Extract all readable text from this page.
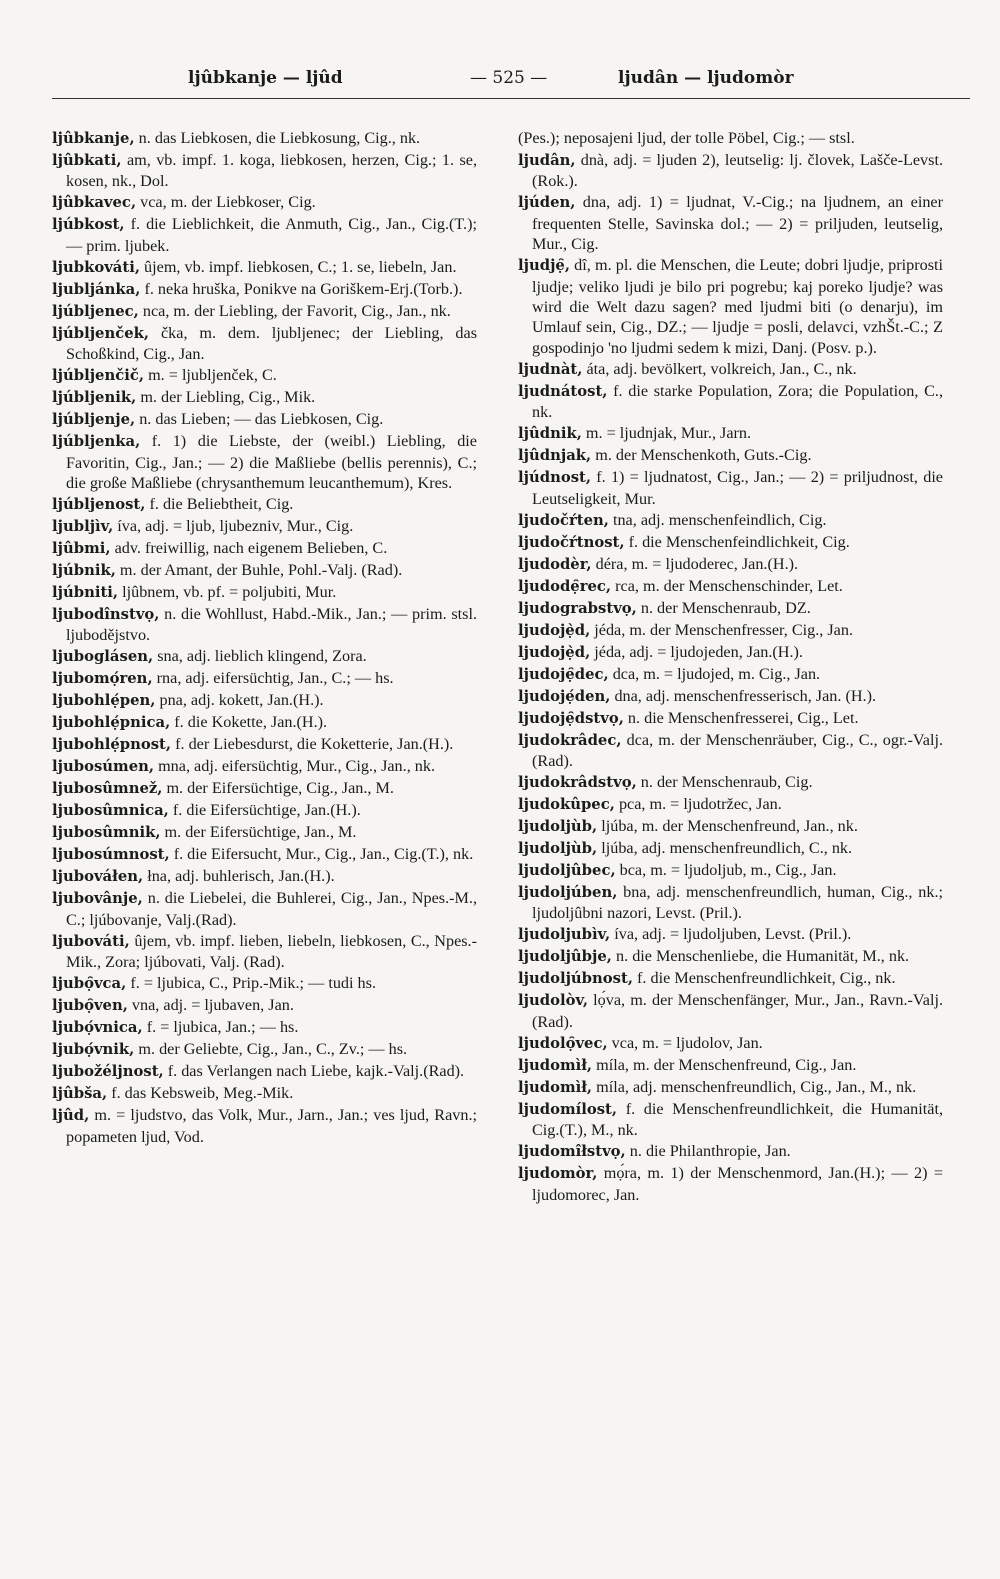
ljûbkanje — ljûd	— 525 —	ljudân — ljudomòr
ljûbkanje, n. das Liebkosen, die Liebkosung, Cig., nk.
ljûbkati, am, vb. impf. 1. koga, liebkosen, herzen, Cig.; 1. se, kosen, nk., Dol.
ljûbkavec, vca, m. der Liebkoser, Cig.
ljúbkost, f. die Lieblichkeit, die Anmuth, Cig., Jan., Cig.(T.); — prim. ljubek.
ljubkováti, ûjem, vb. impf. liebkosen, C.; 1. se, liebeln, Jan.
ljubljánka, f. neka hruška, Ponikve na Goriškem-Erj.(Torb.).
ljúbljenec, nca, m. der Liebling, der Favorit, Cig., Jan., nk.
ljúbljenček, čka, m. dem. ljubljenec; der Liebling, das Schoßkind, Cig., Jan.
ljúbljenčič, m. = ljubljenček, C.
ljúbljenik, m. der Liebling, Cig., Mik.
ljúbljenje, n. das Lieben; — das Liebkosen, Cig.
ljúbljenka, f. 1) die Liebste, der (weibl.) Liebling, die Favoritin, Cig., Jan.; — 2) die Maßliebe (bellis perennis), C.; die große Maßliebe (chrysanthemum leucanthemum), Kres.
ljúbljenost, f. die Beliebtheit, Cig.
ljubljìv, íva, adj. = ljub, ljubezniv, Mur., Cig.
ljûbmi, adv. freiwillig, nach eigenem Belieben, C.
ljúbnik, m. der Amant, der Buhle, Pohl.-Valj. (Rad).
ljúbniti, ljûbnem, vb. pf. = poljubiti, Mur.
ljubodînstvọ, n. die Wohllust, Habd.-Mik., Jan.; — prim. stsl. ljubodějstvo.
ljuboglásen, sna, adj. lieblich klingend, Zora.
ljubomọ́ren, rna, adj. eifersüchtig, Jan., C.; — hs.
ljubohlẹ́pen, pna, adj. kokett, Jan.(H.).
ljubohlẹ́pnica, f. die Kokette, Jan.(H.).
ljubohlẹ́pnost, f. der Liebesdurst, die Koketterie, Jan.(H.).
ljubosúmen, mna, adj. eifersüchtig, Mur., Cig., Jan., nk.
ljubosûmnež, m. der Eifersüchtige, Cig., Jan., M.
ljubosûmnica, f. die Eifersüchtige, Jan.(H.).
ljubosûmnik, m. der Eifersüchtige, Jan., M.
ljubosúmnost, f. die Eifersucht, Mur., Cig., Jan., Cig.(T.), nk.
ljubováłen, łna, adj. buhlerisch, Jan.(H.).
ljubovânje, n. die Liebelei, die Buhlerei, Cig., Jan., Npes.-M., C.; ljúbovanje, Valj.(Rad).
ljubováti, ûjem, vb. impf. lieben, liebeln, liebkosen, C., Npes.-Mik., Zora; ljúbovati, Valj. (Rad).
ljubọ̑vca, f. = ljubica, C., Prip.-Mik.; — tudi hs.
ljubọ̑ven, vna, adj. = ljubaven, Jan.
ljubọ́vnica, f. = ljubica, Jan.; — hs.
ljubọ́vnik, m. der Geliebte, Cig., Jan., C., Zv.; — hs.
ljubožéljnost, f. das Verlangen nach Liebe, kajk.-Valj.(Rad).
ljûbša, f. das Kebsweib, Meg.-Mik.
ljûd, m. = ljudstvo, das Volk, Mur., Jarn., Jan.; ves ljud, Ravn.; popameten ljud, Vod.
(Pes.); neposajeni ljud, der tolle Pöbel, Cig.; — stsl.
ljudân, dnà, adj. = ljuden 2), leutselig: lj. človek, Lašče-Levst.(Rok.).
ljúden, dna, adj. 1) = ljudnat, V.-Cig.; na ljudnem, an einer frequenten Stelle, Savinska dol.; — 2) = priljuden, leutselig, Mur., Cig.
ljudjẹ̑, dî, m. pl. die Menschen, die Leute; dobri ljudje, priprosti ljudje; veliko ljudi je bilo pri pogrebu; kaj poreko ljudje? was wird die Welt dazu sagen? med ljudmi biti (o denarju), im Umlauf sein, Cig., DZ.; — ljudje = posli, delavci, vzhŠt.-C.; Z gospodinjo 'no ljudmi sedem k mizi, Danj. (Posv. p.).
ljudnàt, áta, adj. bevölkert, volkreich, Jan., C., nk.
ljudnátost, f. die starke Population, Zora; die Population, C., nk.
ljûdnik, m. = ljudnjak, Mur., Jarn.
ljûdnjak, m. der Menschenkoth, Guts.-Cig.
ljúdnost, f. 1) = ljudnatost, Cig., Jan.; — 2) = priljudnost, die Leutseligkeit, Mur.
ljudočŕten, tna, adj. menschenfeindlich, Cig.
ljudočŕtnost, f. die Menschenfeindlichkeit, Cig.
ljudodèr, déra, m. = ljudoderec, Jan.(H.).
ljudodẹ̑rec, rca, m. der Menschenschinder, Let.
ljudograbstvọ, n. der Menschenraub, DZ.
ljudojẹ̀d, jéda, m. der Menschenfresser, Cig., Jan.
ljudojẹ̀d, jéda, adj. = ljudojeden, Jan.(H.).
ljudojẹ̑dec, dca, m. = ljudojed, m. Cig., Jan.
ljudojẹ́den, dna, adj. menschenfresserisch, Jan. (H.).
ljudojẹ̑dstvọ, n. die Menschenfresserei, Cig., Let.
ljudokrâdec, dca, m. der Menschenräuber, Cig., C., ogr.-Valj.(Rad).
ljudokrâdstvọ, n. der Menschenraub, Cig.
ljudokûpec, pca, m. = ljudotržec, Jan.
ljudoljùb, ljúba, m. der Menschenfreund, Jan., nk.
ljudoljùb, ljúba, adj. menschenfreundlich, C., nk.
ljudoljûbec, bca, m. = ljudoljub, m., Cig., Jan.
ljudoljúben, bna, adj. menschenfreundlich, human, Cig., nk.; ljudoljûbni nazori, Levst. (Pril.).
ljudoljubìv, íva, adj. = ljudoljuben, Levst. (Pril.).
ljudoljûbje, n. die Menschenliebe, die Humanität, M., nk.
ljudoljúbnost, f. die Menschenfreundlichkeit, Cig., nk.
ljudolòv, lọ́va, m. der Menschenfänger, Mur., Jan., Ravn.-Valj.(Rad).
ljudolọ̑vec, vca, m. = ljudolov, Jan.
ljudomìł, míla, m. der Menschenfreund, Cig., Jan.
ljudomìł, míla, adj. menschenfreundlich, Cig., Jan., M., nk.
ljudomílost, f. die Menschenfreundlichkeit, die Humanität, Cig.(T.), M., nk.
ljudomîłstvọ, n. die Philanthropie, Jan.
ljudomòr, mọ́ra, m. 1) der Menschenmord, Jan.(H.); — 2) = ljudomorec, Jan.
